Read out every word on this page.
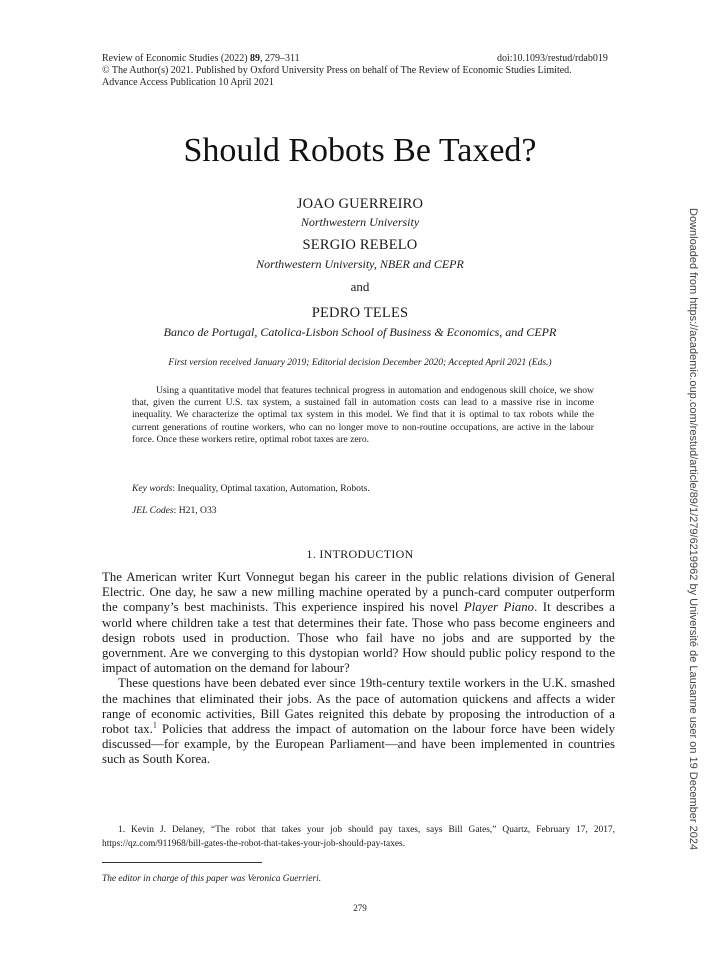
Review of Economic Studies (2022) 89, 279–311
© The Author(s) 2021. Published by Oxford University Press on behalf of The Review of Economic Studies Limited.
Advance Access Publication 10 April 2021
doi:10.1093/restud/rdab019
Should Robots Be Taxed?
JOAO GUERREIRO
Northwestern University
SERGIO REBELO
Northwestern University, NBER and CEPR
and
PEDRO TELES
Banco de Portugal, Catolica-Lisbon School of Business & Economics, and CEPR
First version received January 2019; Editorial decision December 2020; Accepted April 2021 (Eds.)

Using a quantitative model that features technical progress in automation and endogenous skill choice, we show that, given the current U.S. tax system, a sustained fall in automation costs can lead to a massive rise in income inequality. We characterize the optimal tax system in this model. We find that it is optimal to tax robots while the current generations of routine workers, who can no longer move to non-routine occupations, are active in the labour force. Once these workers retire, optimal robot taxes are zero.

Key words: Inequality, Optimal taxation, Automation, Robots.
JEL Codes: H21, O33
1. INTRODUCTION

The American writer Kurt Vonnegut began his career in the public relations division of General Electric. One day, he saw a new milling machine operated by a punch-card computer outperform the company’s best machinists. This experience inspired his novel Player Piano. It describes a world where children take a test that determines their fate. Those who pass become engineers and design robots used in production. Those who fail have no jobs and are supported by the government. Are we converging to this dystopian world? How should public policy respond to the impact of automation on the demand for labour?

These questions have been debated ever since 19th-century textile workers in the U.K. smashed the machines that eliminated their jobs. As the pace of automation quickens and affects a wider range of economic activities, Bill Gates reignited this debate by proposing the introduction of a robot tax.$^1$ Policies that address the impact of automation on the labour force have been widely discussed—for example, by the European Parliament—and have been implemented in countries such as South Korea.

1. Kevin J. Delaney, “The robot that takes your job should pay taxes, says Bill Gates,” Quartz, February 17, 2017, https://qz.com/911968/bill-gates-the-robot-that-takes-your-job-should-pay-taxes.
The editor in charge of this paper was Veronica Guerrieri.
279
Downloaded from https://academic.oup.com/restud/article/89/1/279/6219962 by Université de Lausanne user on 19 December 2024
